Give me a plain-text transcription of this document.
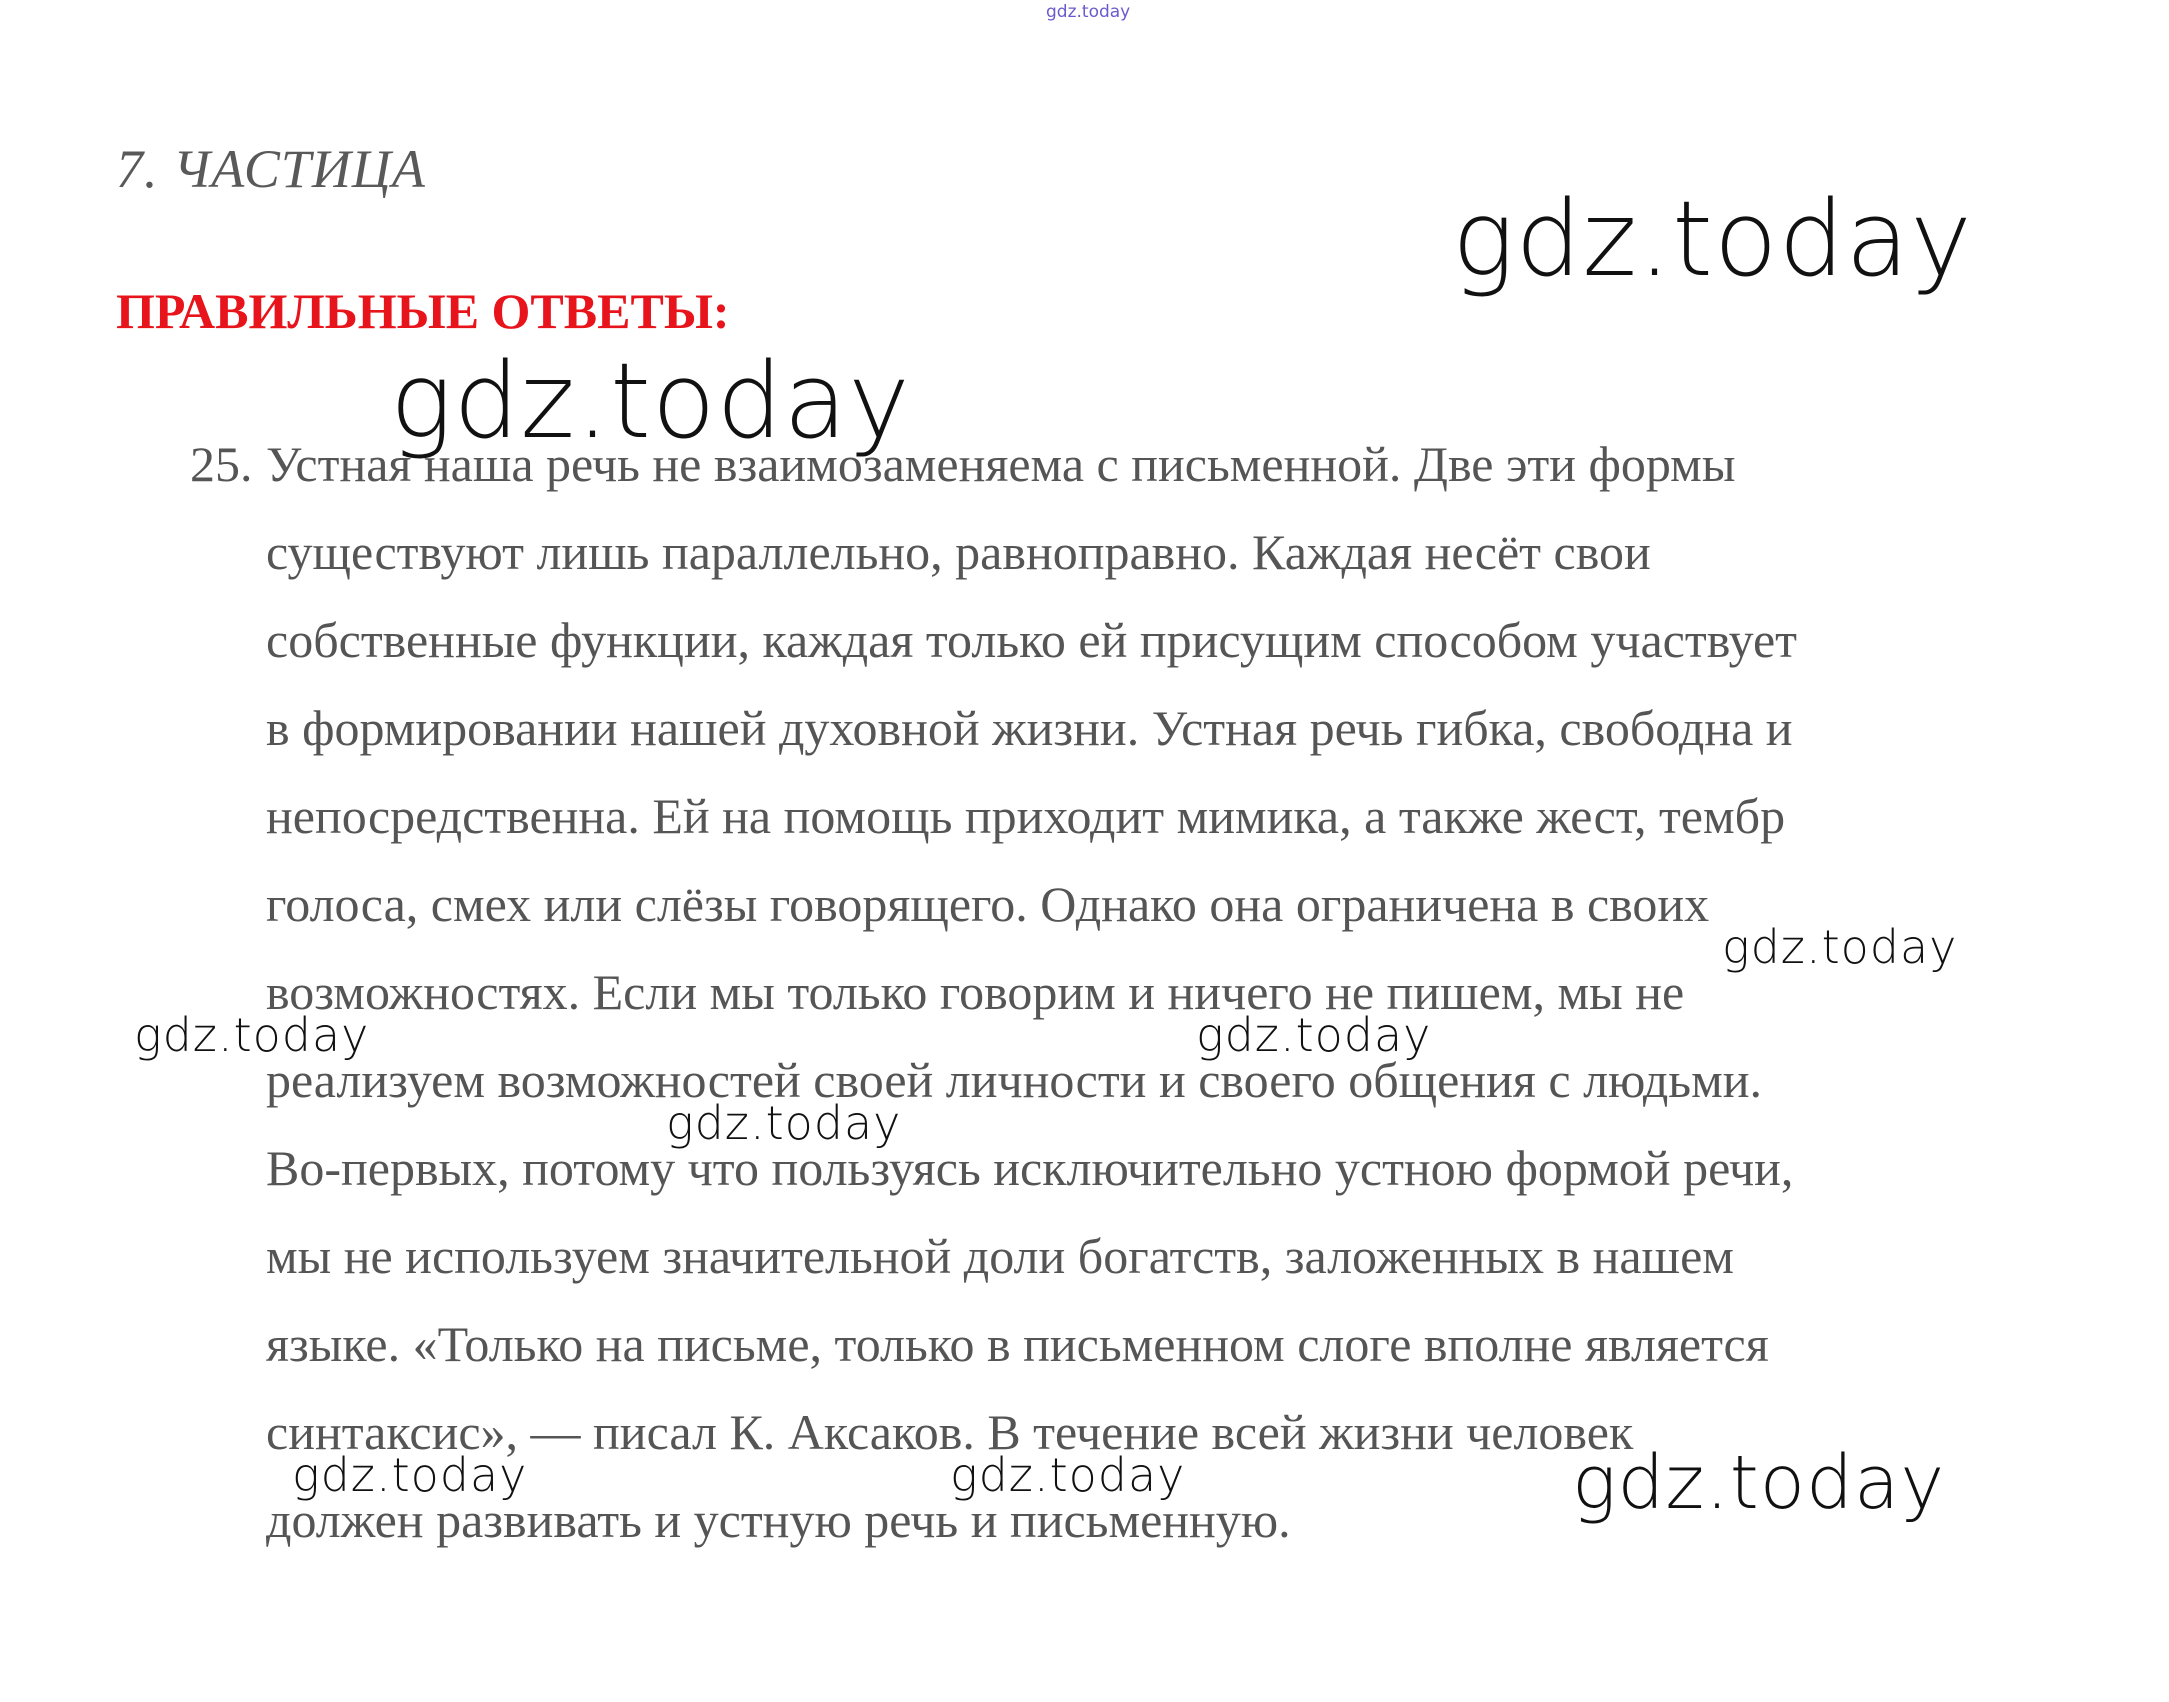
gdz.today
7. ЧАСТИЦА
gdz.today
ПРАВИЛЬНЫЕ ОТВЕТЫ:
gdz.today
25. Устная наша речь не взаимозаменяема с письменной. Две эти формы
существуют лишь параллельно, равноправно. Каждая несёт свои
собственные функции, каждая только ей присущим способом участвует
в формировании нашей духовной жизни. Устная речь гибка, свободна и
непосредственна. Ей на помощь приходит мимика, а также жест, тембр
голоса, смех или слёзы говорящего. Однако она ограничена в своих
возможностях. Если мы только говорим и ничего не пишем, мы не
реализуем возможностей своей личности и своего общения с людьми.
Во-первых, потому что пользуясь исключительно устною формой речи,
мы не используем значительной доли богатств, заложенных в нашем
языке. «Только на письме, только в письменном слоге вполне является
синтаксис», — писал К. Аксаков. В течение всей жизни человек
должен развивать и устную речь и письменную.
gdz.today
gdz.today	gdz.today
gdz.today
gdz.today	gdz.today	gdz.today
